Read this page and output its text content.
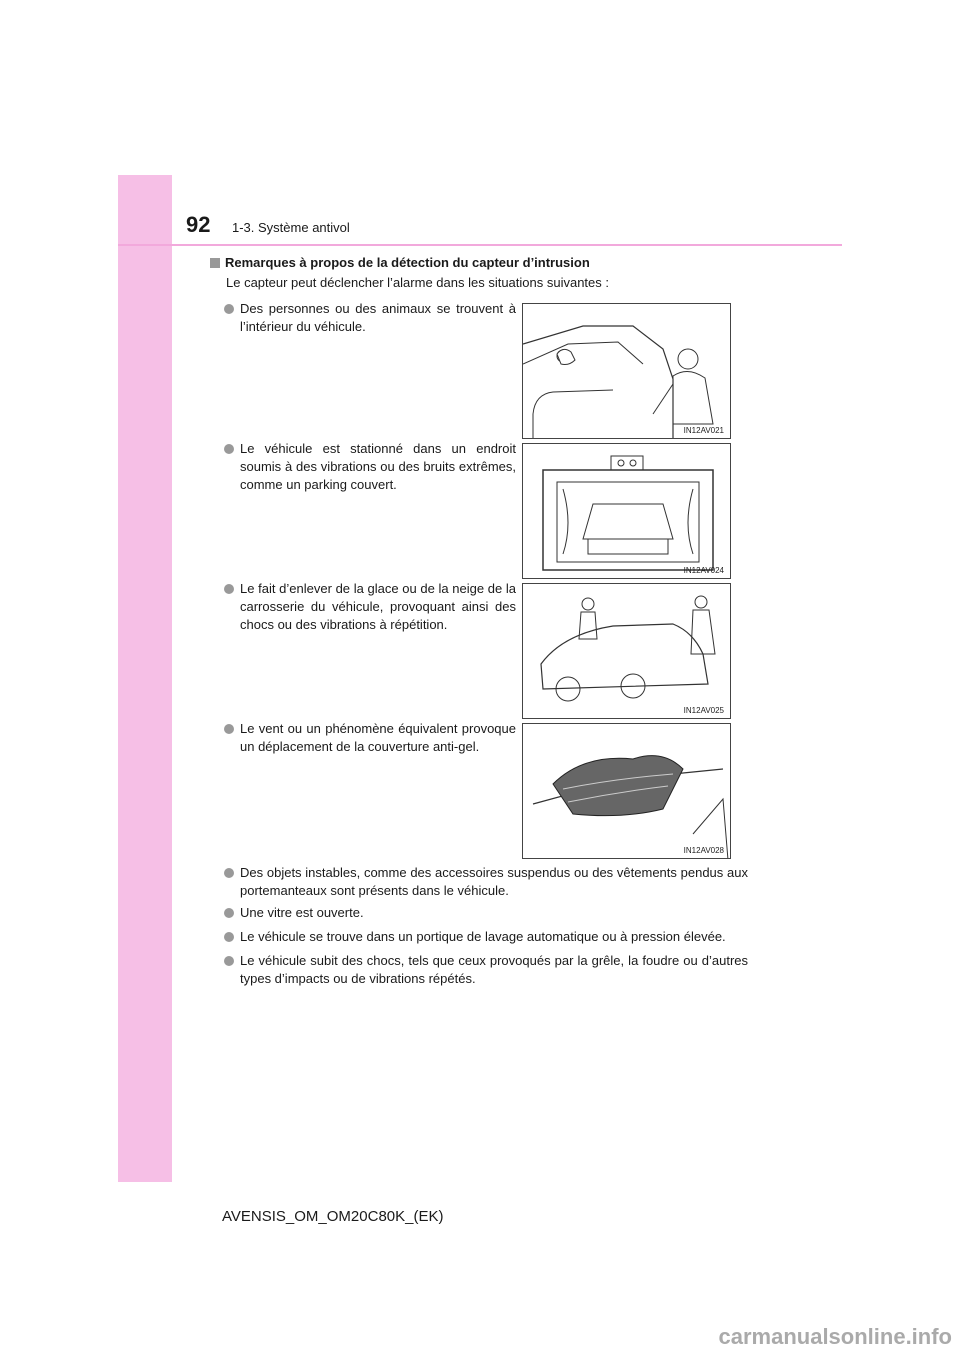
92 1-3. Système antivol
Remarques à propos de la détection du capteur d’intrusion
Le capteur peut déclencher l’alarme dans les situations suivantes :
Des personnes ou des animaux se trouvent à l’intérieur du véhicule.
IN12AV021
Le véhicule est stationné dans un endroit soumis à des vibrations ou des bruits extrêmes, comme un parking couvert.
IN12AV024
Le fait d’enlever de la glace ou de la neige de la carrosserie du véhicule, provoquant ainsi des chocs ou des vibrations à répétition.
IN12AV025
Le vent ou un phénomène équivalent provoque un déplacement de la couverture anti-gel.
IN12AV028
Des objets instables, comme des accessoires suspendus ou des vêtements pendus aux portemanteaux sont présents dans le véhicule.
Une vitre est ouverte.
Le véhicule se trouve dans un portique de lavage automatique ou à pression élevée.
Le véhicule subit des chocs, tels que ceux provoqués par la grêle, la foudre ou d’autres types d’impacts ou de vibrations répétés.
AVENSIS_OM_OM20C80K_(EK)
carmanualsonline.info
